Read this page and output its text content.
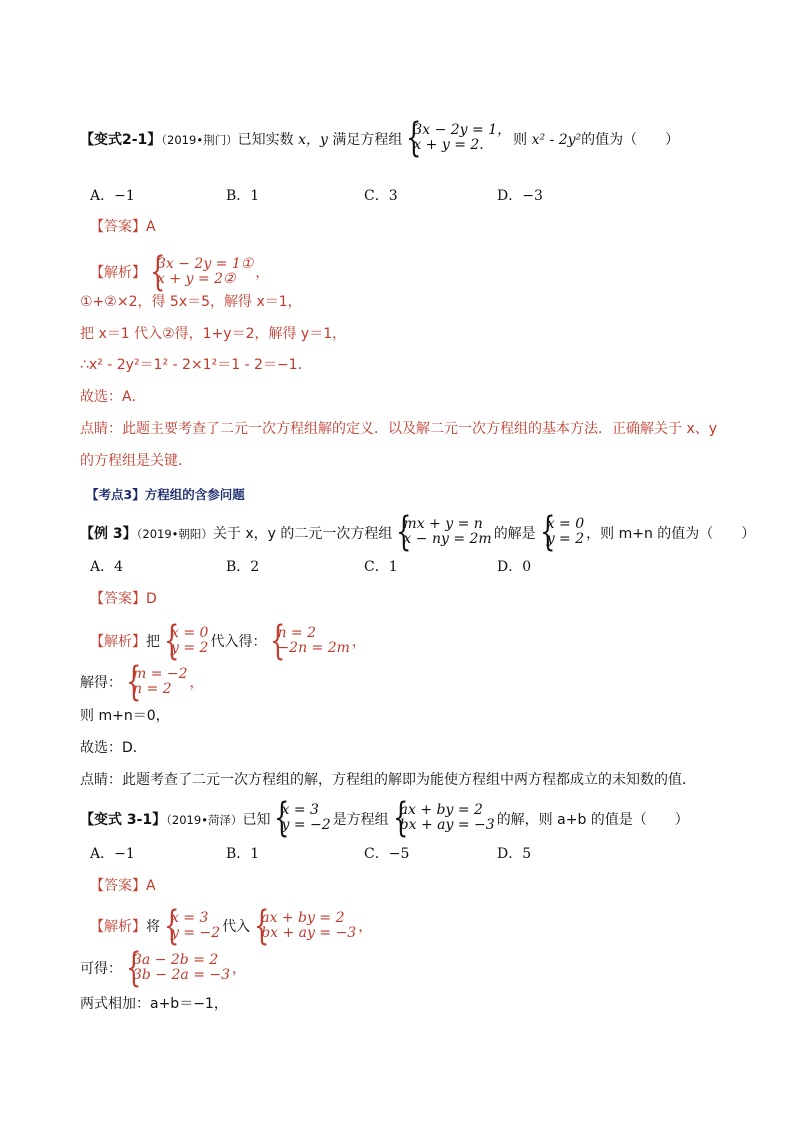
【变式2-1】（2019•荆门）已知实数 x，y 满足方程组
{ 3x − 2y = 1，
x + y = 2.	则 x² - 2y²的值为（　　）
A．−1	B．1	C．3	D．−3
【答案】A
【解析】
{ 3x − 2y = 1①
x + y = 2②	，
①+②×2，得 5x＝5，解得 x＝1，
把 x＝1 代入②得，1+y＝2，解得 y＝1，
∴x² - 2y²＝1² - 2×1²＝1 - 2＝−1．
故选：A．
点睛：此题主要考查了二元一次方程组解的定义．以及解二元一次方程组的基本方法．正确解关于 x、y
的方程组是关键．
【考点3】方程组的含参问题
【例 3】（2019•朝阳）关于 x，y 的二元一次方程组
{ mx + y = n
x − ny = 2m 的解是
{ x = 0
y = 2 ，则 m+n 的值为（　　）
A．4	B．2	C．1	D．0
【答案】D
【解析】把
{ x = 0
y = 2 代入得：
{ n = 2
−2n = 2m ，
解得：
{ m = −2
n = 2	，
则 m+n＝0，
故选：D．
点睛：此题考查了二元一次方程组的解，方程组的解即为能使方程组中两方程都成立的未知数的值．
【变式 3-1】（2019•菏泽）已知
{ x = 3
y = −2 是方程组
{ ax + by = 2
bx + ay = −3 的解，则 a+b 的值是（　　）
A．−1	B．1	C．−5	D．5
【答案】A
【解析】将
{ x = 3
y = −2 代入
{ ax + by = 2
bx + ay = −3 ，
可得：
{ 3a − 2b = 2
3b − 2a = −3 ，
两式相加：a+b＝−1，
